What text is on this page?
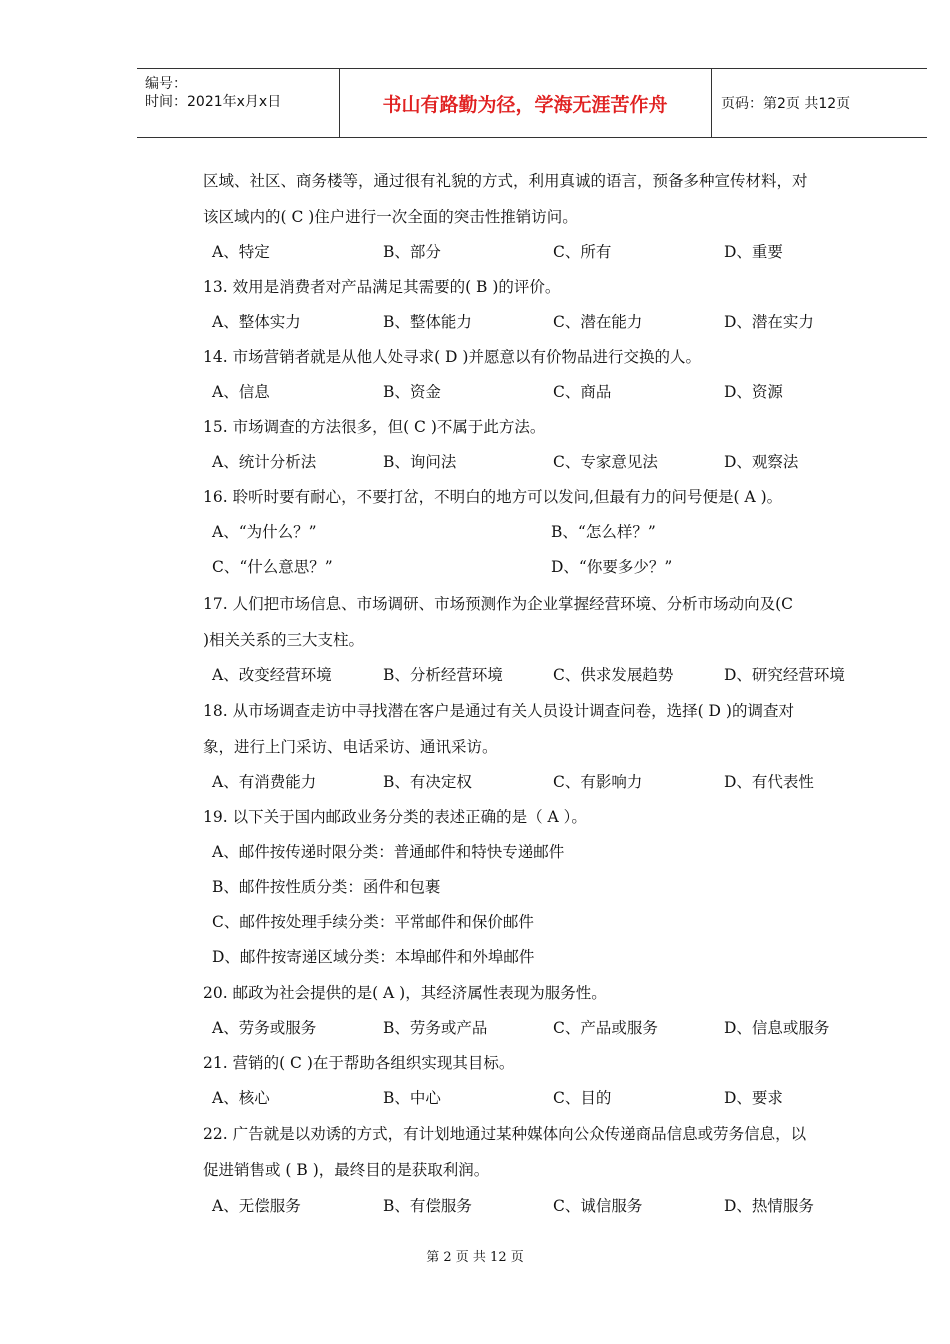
编号：
时间：2021年x月x日	书山有路勤为径，学海无涯苦作舟	页码：第2页 共12页
区域、社区、商务楼等，通过很有礼貌的方式，利用真诚的语言，预备多种宣传材料，对
该区域内的( C )住户进行一次全面的突击性推销访问。
A、特定	B、部分	C、所有	D、重要
13. 效用是消费者对产品满足其需要的( B )的评价。
A、整体实力	B、整体能力	C、潜在能力	D、潜在实力
14. 市场营销者就是从他人处寻求( D )并愿意以有价物品进行交换的人。
A、信息	B、资金	C、商品	D、资源
15. 市场调查的方法很多，但( C )不属于此方法。
A、统计分析法	B、询问法	C、专家意见法	D、观察法
16. 聆听时要有耐心，不要打岔，不明白的地方可以发问,但最有力的问号便是( A )。
A、“为什么？”	B、“怎么样？”
C、“什么意思？”	D、“你要多少？”
17. 人们把市场信息、市场调研、市场预测作为企业掌握经营环境、分析市场动向及(C
)相关关系的三大支柱。
A、改变经营环境	B、分析经营环境	C、供求发展趋势	D、研究经营环境
18. 从市场调查走访中寻找潜在客户是通过有关人员设计调查问卷，选择( D )的调查对
象，进行上门采访、电话采访、通讯采访。
A、有消费能力	B、有决定权	C、有影响力	D、有代表性
19. 以下关于国内邮政业务分类的表述正确的是（ A ）。
A、邮件按传递时限分类：普通邮件和特快专递邮件
B、邮件按性质分类：函件和包裹
C、邮件按处理手续分类：平常邮件和保价邮件
D、邮件按寄递区域分类：本埠邮件和外埠邮件
20. 邮政为社会提供的是( A )，其经济属性表现为服务性。
A、劳务或服务	B、劳务或产品	C、产品或服务	D、信息或服务
21. 营销的( C )在于帮助各组织实现其目标。
A、核心	B、中心	C、目的	D、要求
22. 广告就是以劝诱的方式，有计划地通过某种媒体向公众传递商品信息或劳务信息，以
促进销售或 ( B )，最终目的是获取利润。
A、无偿服务	B、有偿服务	C、诚信服务	D、热情服务
第 2 页 共 12 页
